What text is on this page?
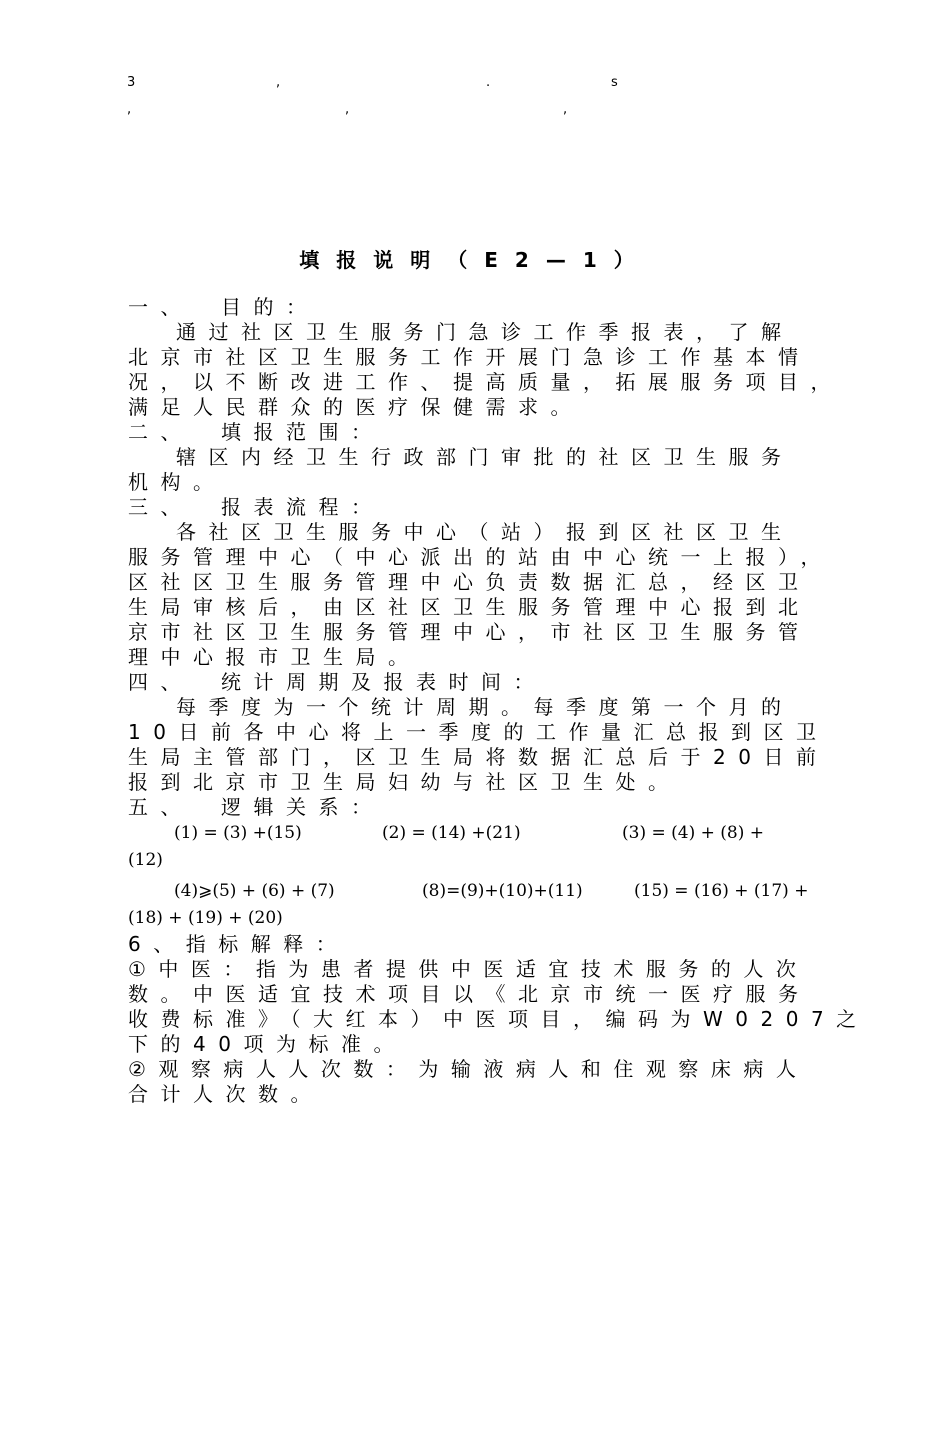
3	,	.	s
,	,	,
填报说明（E2—1）
一、 目的：
通过社区卫生服务门急诊工作季报表，了解
北京市社区卫生服务工作开展门急诊工作基本情
况，以不断改进工作、提高质量，拓展服务项目，
满足人民群众的医疗保健需求。
二、 填报范围：
辖区内经卫生行政部门审批的社区卫生服务
机构。
三、 报表流程：
各社区卫生服务中心（站）报到区社区卫生
服务管理中心（中心派出的站由中心统一上报），
区社区卫生服务管理中心负责数据汇总，经区卫
生局审核后，由区社区卫生服务管理中心报到北
京市社区卫生服务管理中心，市社区卫生服务管
理中心报市卫生局。
四、 统计周期及报表时间：
每季度为一个统计周期。每季度第一个月的
10日前各中心将上一季度的工作量汇总报到区卫
生局主管部门，区卫生局将数据汇总后于20日前
报到北京市卫生局妇幼与社区卫生处。
五、 逻辑关系：
(1) = (3) +(15)	(2) = (14) +(21)	(3) = (4) + (8) +
(12)
(4)⩾(5) + (6) + (7)	(8)=(9)+(10)+(11)	(15) = (16) + (17) +
(18) + (19) + (20)
6、指标解释：
①中医：指为患者提供中医适宜技术服务的人次
数。中医适宜技术项目以《北京市统一医疗服务
收费标准》（大红本）中医项目，编码为W0207之
下的40项为标准。
②观察病人人次数：为输液病人和住观察床病人
合计人次数。
